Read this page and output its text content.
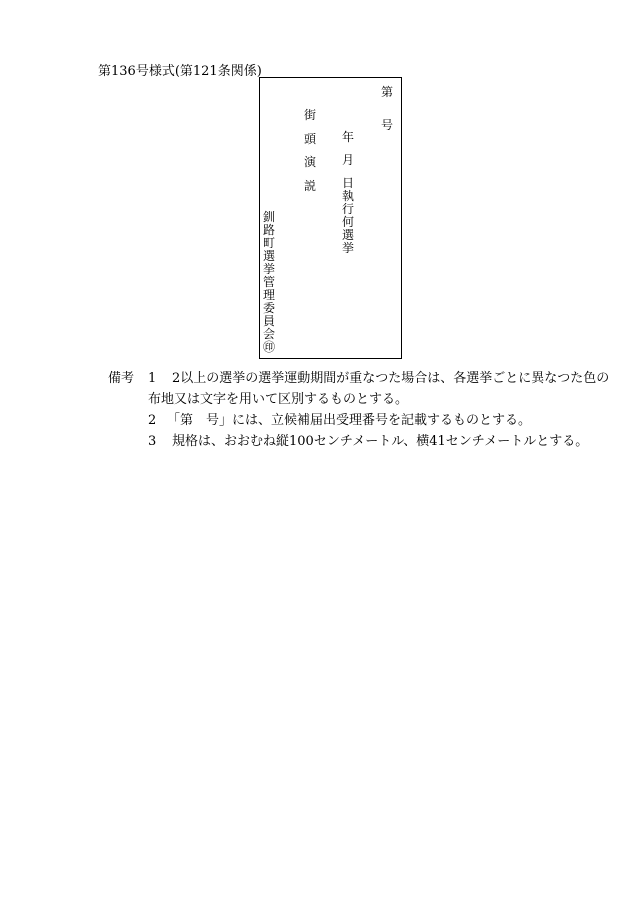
第136号様式(第121条関係)
第
号
年
月
日
執
行
何
選
挙
街
頭
演
説
釧
路
町
選
挙
管
理
委
員
会
㊞
備考 1 2以上の選挙の選挙運動期間が重なつた場合は、各選挙ごとに異なつた色の
布地又は文字を用いて区別するものとする。
2 「第　号」には、立候補届出受理番号を記載するものとする。
3 規格は、おおむね縦100センチメートル、横41センチメートルとする。
